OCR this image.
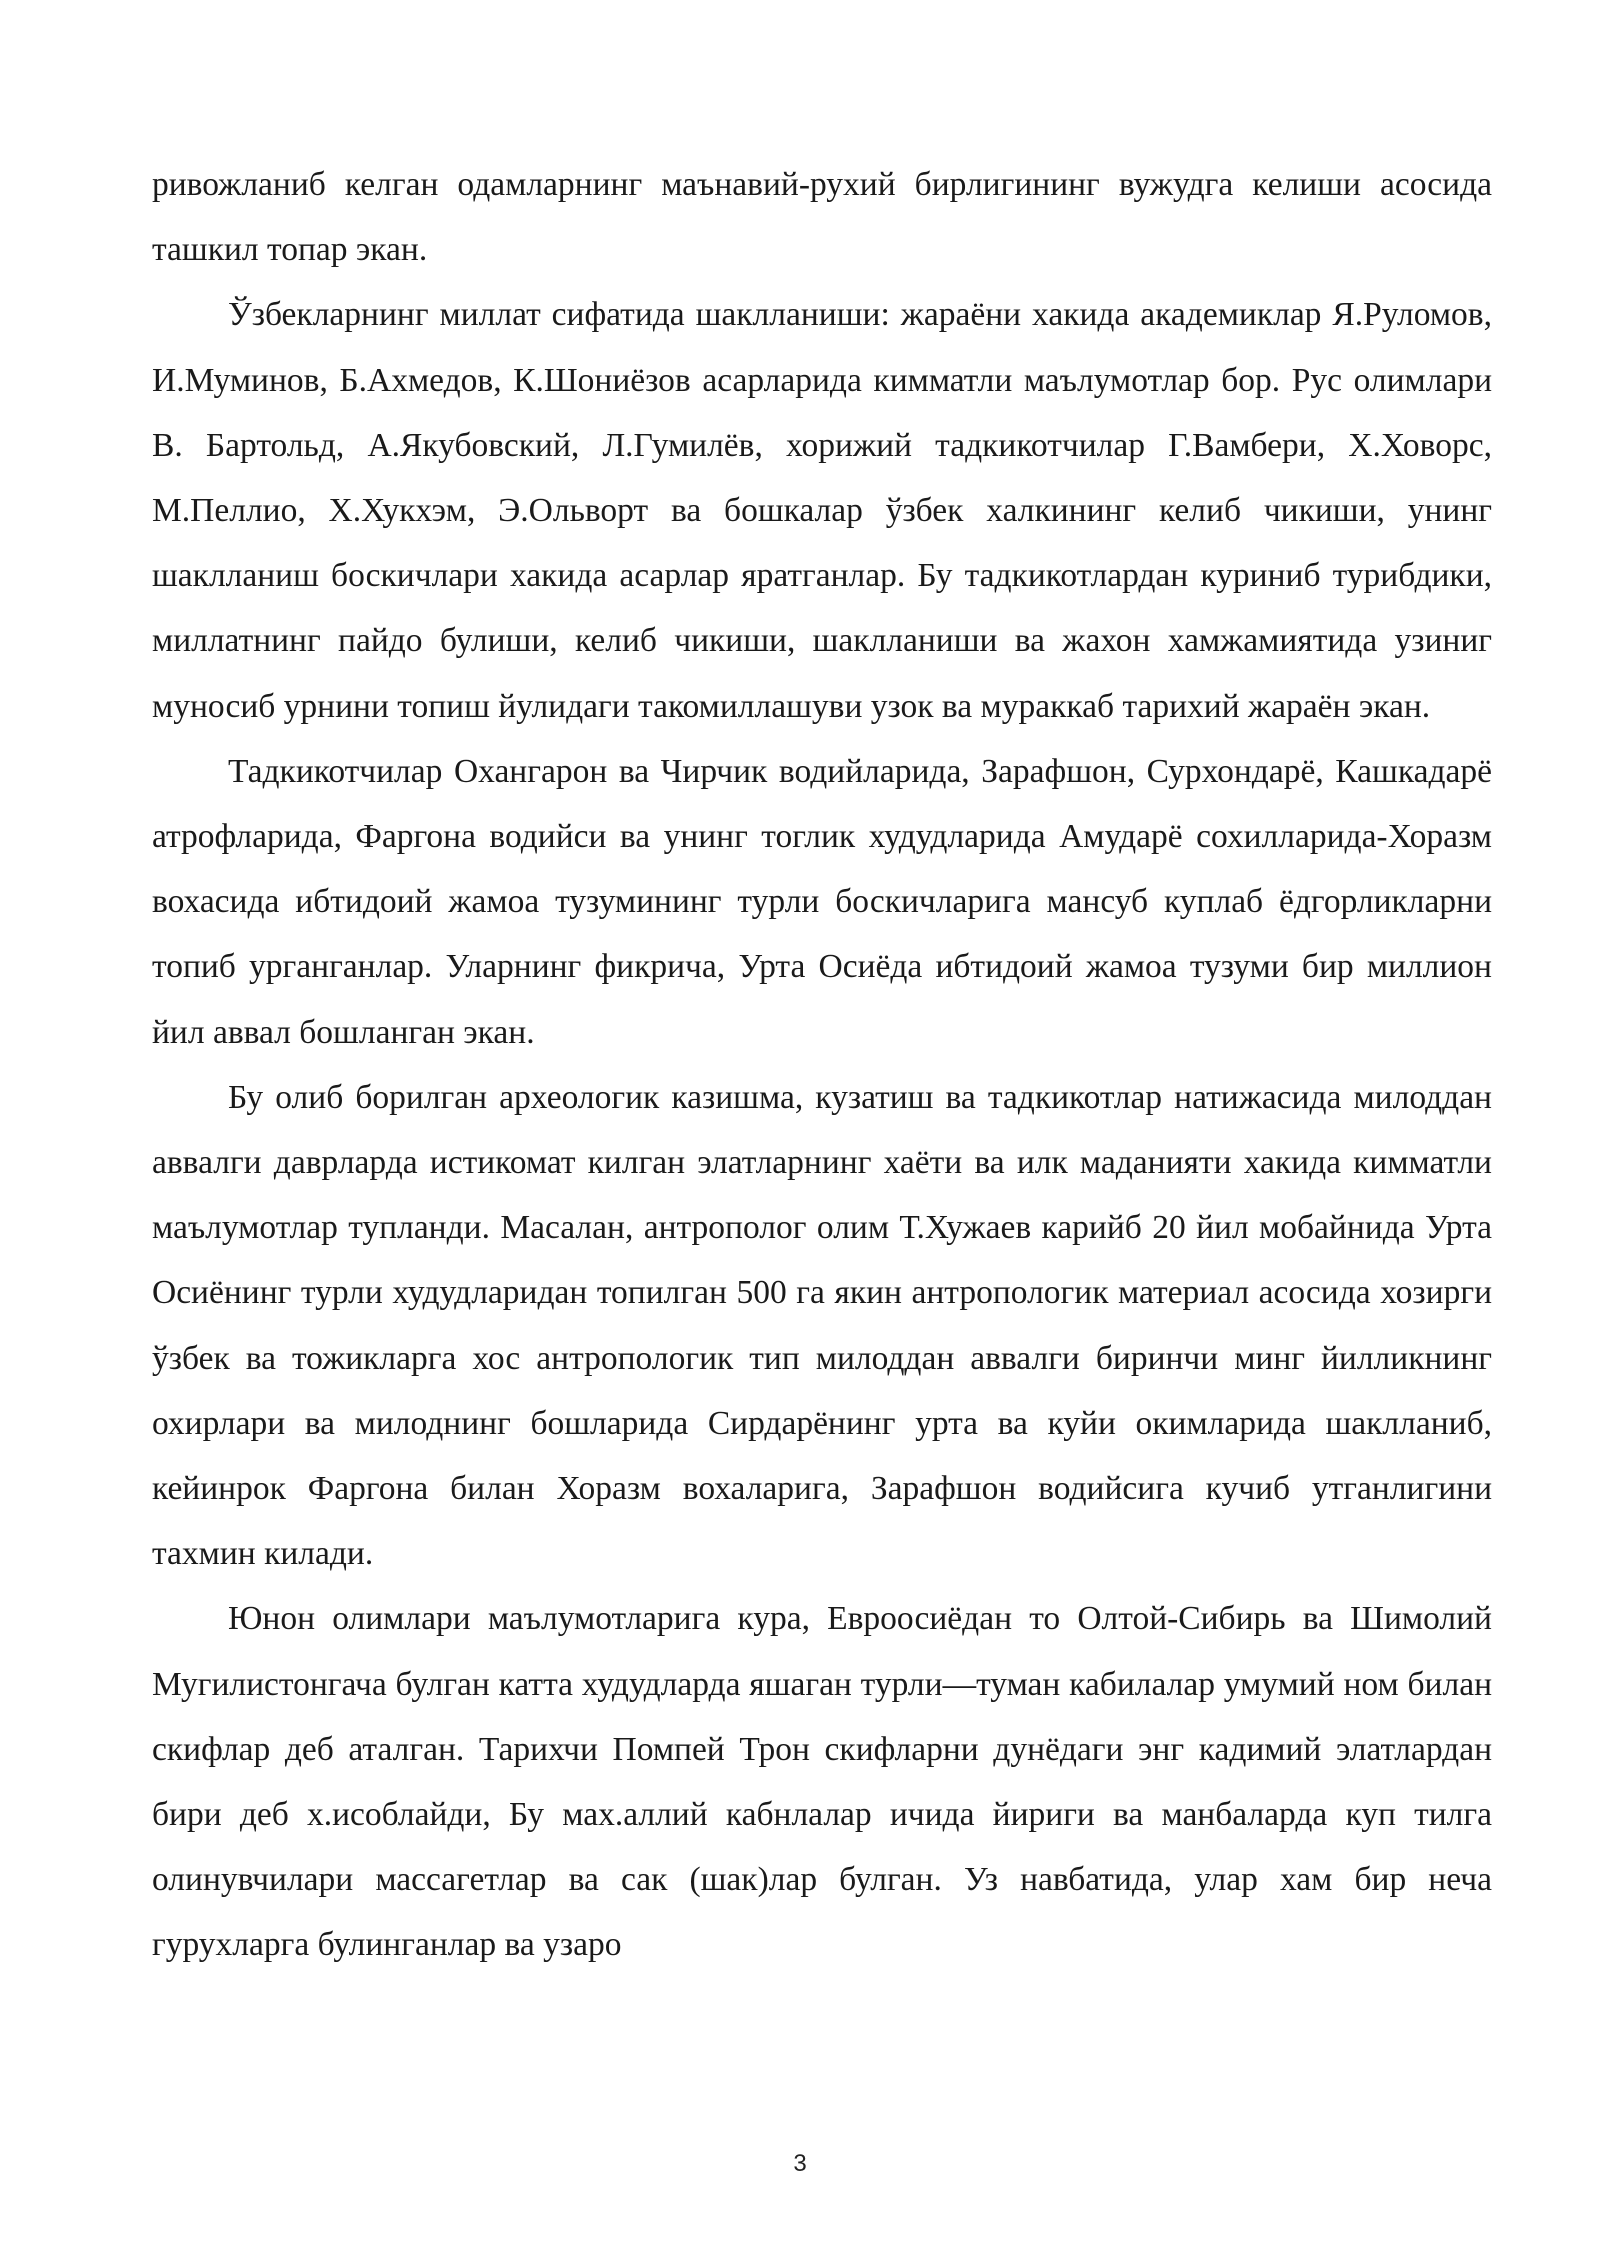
ривожланиб келган одамларнинг маънавий-рухий бирлигининг вужудга келиши асосида ташкил топар экан.

Ўзбекларнинг миллат сифатида шаклланиши: жараёни хакида академиклар Я.Руломов, И.Муминов, Б.Ахмедов, К.Шониёзов асарларида кимматли маълумотлар бор. Рус олимлари В. Бартольд, А.Якубовский, Л.Гумилёв, хорижий тадкикотчилар Г.Вамбери, Х.Ховорс, М.Пеллио, Х.Хукхэм, Э.Ольворт ва бошкалар ўзбек халкининг келиб чикиши, унинг шаклланиш боскичлари хакида асарлар яратганлар. Бу тадкикотлардан куриниб турибдики, миллатнинг пайдо булиши, келиб чикиши, шаклланиши ва жахон хамжамиятида узиниг муносиб урнини топиш йулидаги такомиллашуви узок ва мураккаб тарихий жараён экан.

Тадкикотчилар Охангарон ва Чирчик водийларида, Зарафшон, Сурхондарё, Кашкадарё атрофларида, Фаргона водийси ва унинг тоглик худудларида Амударё сохилларида-Хоразм вохасида ибтидоий жамоа тузумининг турли боскичларига мансуб куплаб ёдгорликларни топиб урганганлар. Уларнинг фикрича, Урта Осиёда ибтидоий жамоа тузуми бир миллион йил аввал бошланган экан.

Бу олиб борилган археологик казишма, кузатиш ва тадкикотлар натижасида милоддан аввалги даврларда истикомат килган элатларнинг хаёти ва илк маданияти хакида кимматли маълумотлар тупланди. Масалан, антрополог олим Т.Хужаев карийб 20 йил мобайнида Урта Осиёнинг турли худудларидан топилган 500 га якин антропологик материал асосида хозирги ўзбек ва тожикларга хос антропологик тип милоддан аввалги биринчи минг йилликнинг охирлари ва милоднинг бошларида Сирдарёнинг урта ва куйи окимларида шаклланиб, кейинрок Фаргона билан Хоразм вохаларига, Зарафшон водийсига кучиб утганлигини тахмин килади.

Юнон олимлари маълумотларига кура, Евроосиёдан то Олтой-Сибирь ва Шимолий Мугилистонгача булган катта худудларда яшаган турли—туман кабилалар умумий ном билан скифлар деб аталган. Тарихчи Помпей Трон скифларни дунёдаги энг кадимий элатлардан бири деб х.исоблайди, Бу мах.аллий кабнлалар ичида йириги ва манбаларда куп тилга олинувчилари массагетлар ва сак (шак)лар булган. Уз навбатида, улар хам бир неча гурухларга булинганлар ва узаро

3
